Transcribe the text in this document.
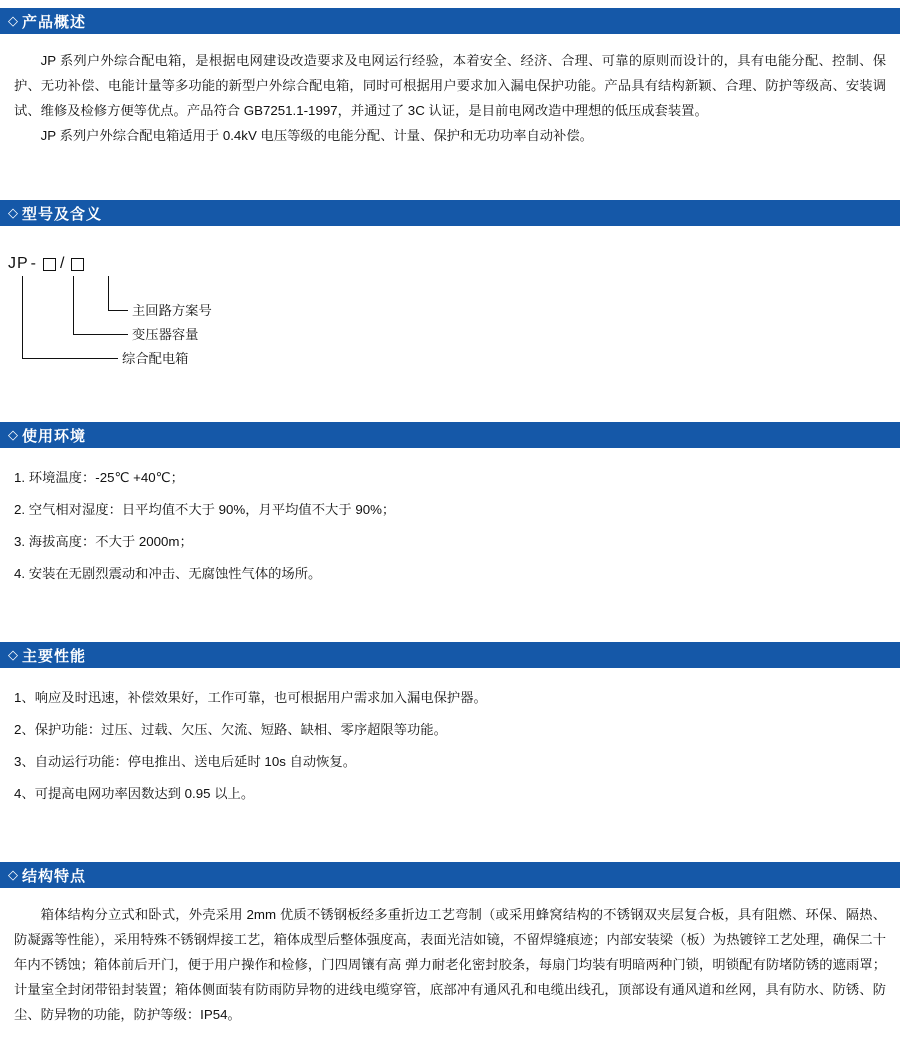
◇ 产品概述

JP 系列户外综合配电箱，是根据电网建设改造要求及电网运行经验，本着安全、经济、合理、可靠的原则而设计的，具有电能分配、控制、保护、无功补偿、电能计量等多功能的新型户外综合配电箱，同时可根据用户要求加入漏电保护功能。产品具有结构新颖、合理、防护等级高、安装调试、维修及检修方便等优点。产品符合 GB7251.1-1997，并通过了 3C 认证，是目前电网改造中理想的低压成套装置。

JP 系列户外综合配电箱适用于 0.4kV 电压等级的电能分配、计量、保护和无功功率自动补偿。

◇ 型号及含义
JP - /
主回路方案号
变压器容量
综合配电箱
◇ 使用环境
1. 环境温度：-25℃ +40℃；
2. 空气相对湿度：日平均值不大于 90%，月平均值不大于 90%；
3. 海拔高度：不大于 2000m；
4. 安装在无剧烈震动和冲击、无腐蚀性气体的场所。
◇ 主要性能
1、响应及时迅速，补偿效果好，工作可靠，也可根据用户需求加入漏电保护器。
2、保护功能：过压、过载、欠压、欠流、短路、缺相、零序超限等功能。
3、自动运行功能：停电推出、送电后延时 10s 自动恢复。
4、可提高电网功率因数达到 0.95 以上。
◇ 结构特点

箱体结构分立式和卧式，外壳采用 2mm 优质不锈钢板经多重折边工艺弯制（或采用蜂窝结构的不锈钢双夹层复合板，具有阻燃、环保、隔热、防凝露等性能），采用特殊不锈钢焊接工艺，箱体成型后整体强度高，表面光洁如镜，不留焊缝痕迹；内部安装梁（板）为热镀锌工艺处理，确保二十年内不锈蚀；箱体前后开门，便于用户操作和检修，门四周镶有高 弹力耐老化密封胶条，每扇门均装有明暗两种门锁，明锁配有防堵防锈的遮雨罩；计量室全封闭带铅封装置；箱体侧面装有防雨防异物的进线电缆穿管，底部冲有通风孔和电缆出线孔，顶部设有通风道和丝网，具有防水、防锈、防尘、防异物的功能，防护等级：IP54。
